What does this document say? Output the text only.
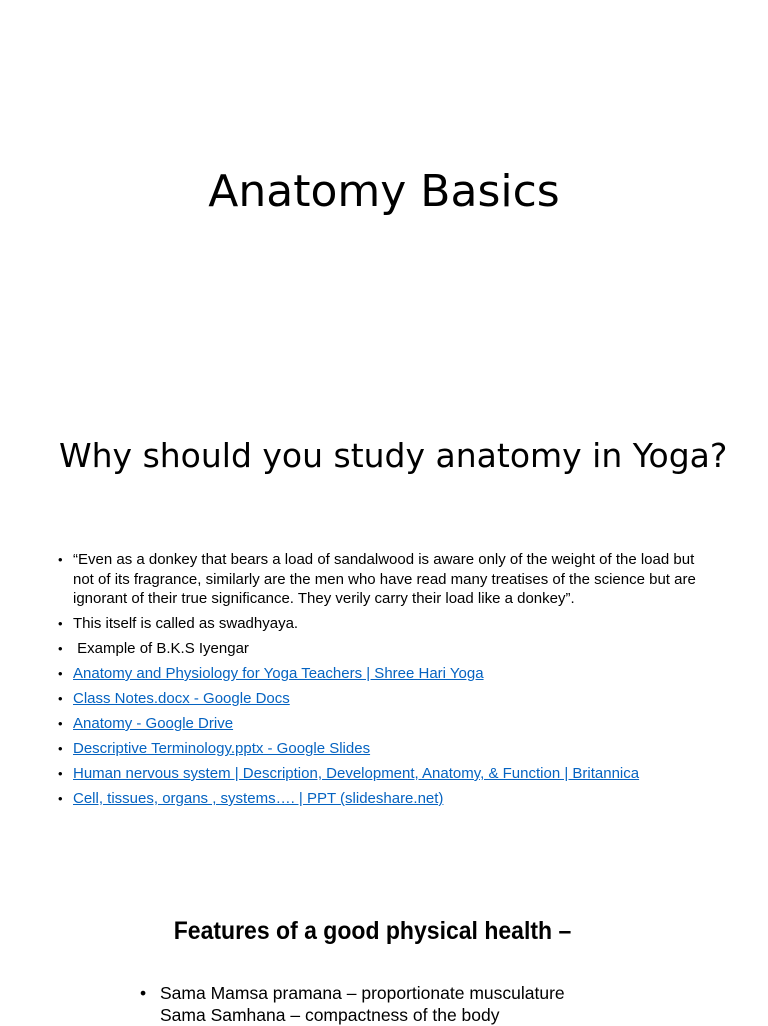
Anatomy Basics
Why should you study anatomy in Yoga?
• “Even as a donkey that bears a load of sandalwood is aware only of the weight of the load but not of its fragrance, similarly are the men who have read many treatises of the science but are ignorant of their true significance. They verily carry their load like a donkey”.
• This itself is called as swadhyaya.
• Example of B.K.S Iyengar
• Anatomy and Physiology for Yoga Teachers | Shree Hari Yoga
• Class Notes.docx - Google Docs
• Anatomy - Google Drive
• Descriptive Terminology.pptx - Google Slides
• Human nervous system | Description, Development, Anatomy, & Function | Britannica
• Cell, tissues, organs , systems…. | PPT (slideshare.net)
Features of a good physical health –
• Sama Mamsa pramana – proportionate musculature
Sama Samhana – compactness of the body
